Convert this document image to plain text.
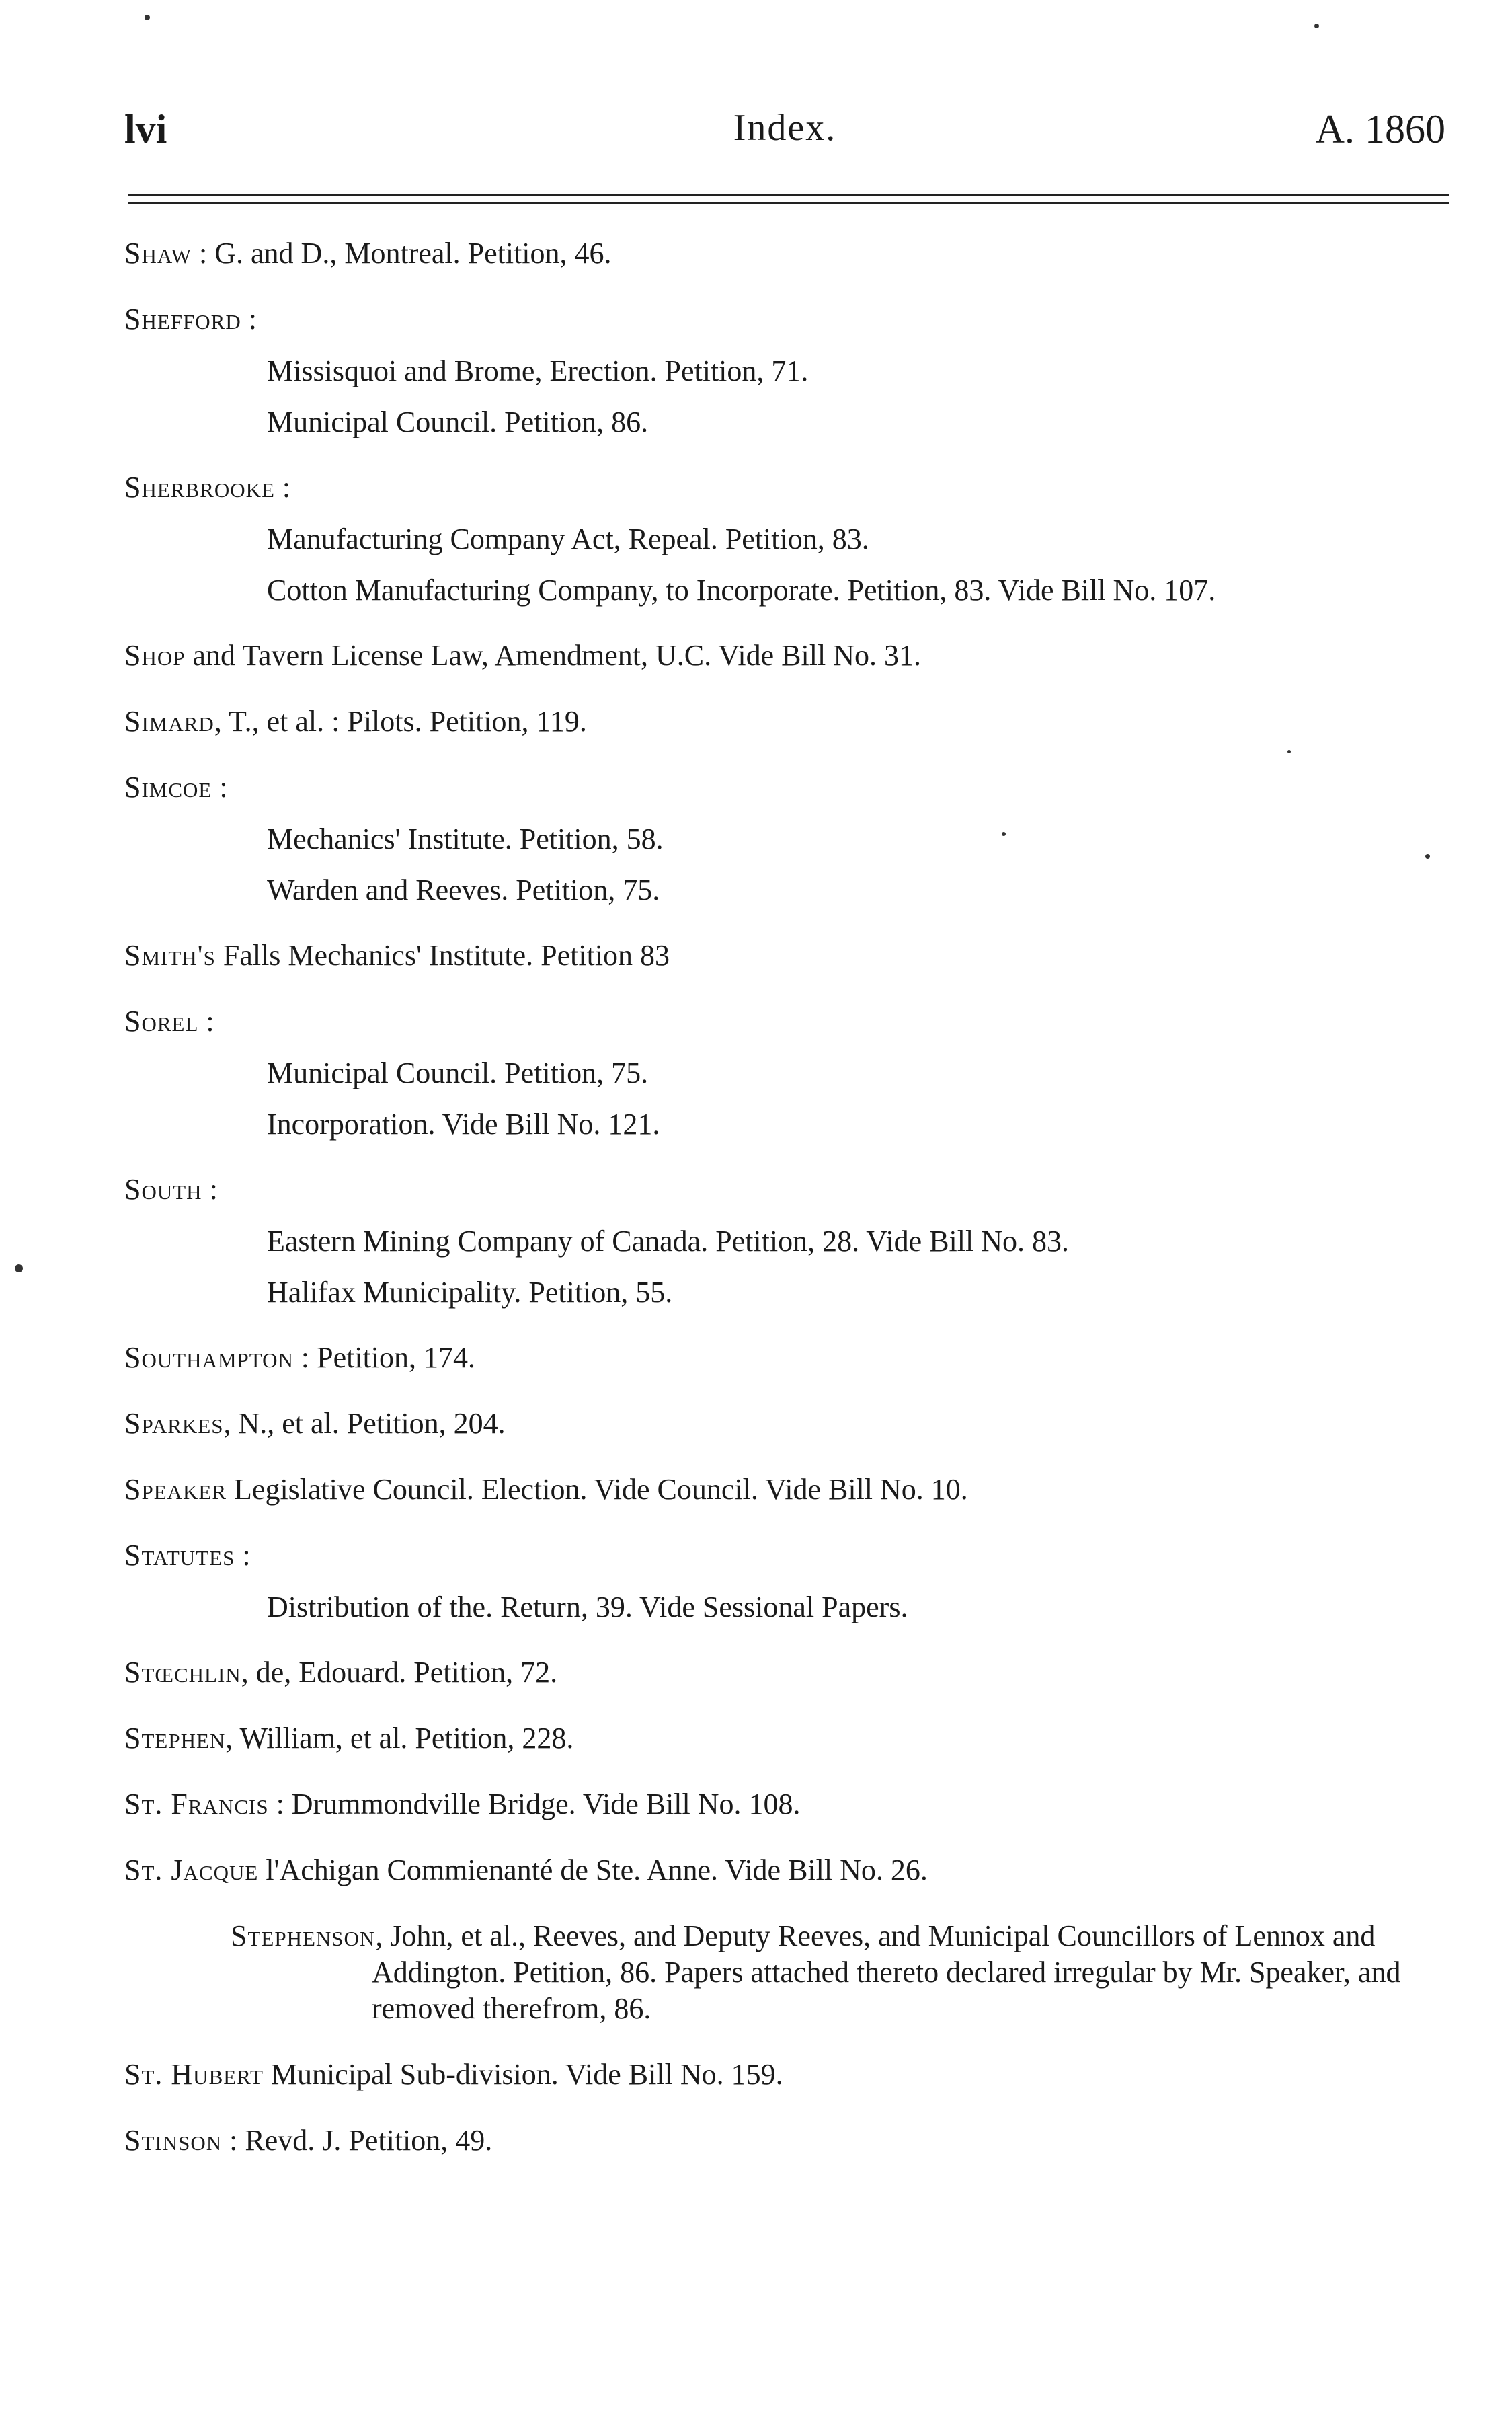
lvi	Index.	A. 1860
Shaw : G. and D., Montreal. Petition, 46.
Shefford :
Missisquoi and Brome, Erection. Petition, 71.
Municipal Council. Petition, 86.
Sherbrooke :
Manufacturing Company Act, Repeal. Petition, 83.
Cotton Manufacturing Company, to Incorporate. Petition, 83. Vide Bill No. 107.
Shop and Tavern License Law, Amendment, U.C. Vide Bill No. 31.
Simard, T., et al. : Pilots. Petition, 119.
Simcoe :
Mechanics' Institute. Petition, 58.
Warden and Reeves. Petition, 75.
Smith's Falls Mechanics' Institute. Petition 83
Sorel :
Municipal Council. Petition, 75.
Incorporation. Vide Bill No. 121.
South :
Eastern Mining Company of Canada. Petition, 28. Vide Bill No. 83.
Halifax Municipality. Petition, 55.
Southampton : Petition, 174.
Sparkes, N., et al. Petition, 204.
Speaker Legislative Council. Election. Vide Council. Vide Bill No. 10.
Statutes :
Distribution of the. Return, 39. Vide Sessional Papers.
Stœchlin, de, Edouard. Petition, 72.
Stephen, William, et al. Petition, 228.
St. Francis : Drummondville Bridge. Vide Bill No. 108.
St. Jacque l'Achigan Commienanté de Ste. Anne. Vide Bill No. 26.
Stephenson, John, et al., Reeves, and Deputy Reeves, and Municipal Councillors of Lennox and Addington. Petition, 86. Papers attached thereto declared irregular by Mr. Speaker, and removed therefrom, 86.
St. Hubert Municipal Sub-division. Vide Bill No. 159.
Stinson : Revd. J. Petition, 49.
